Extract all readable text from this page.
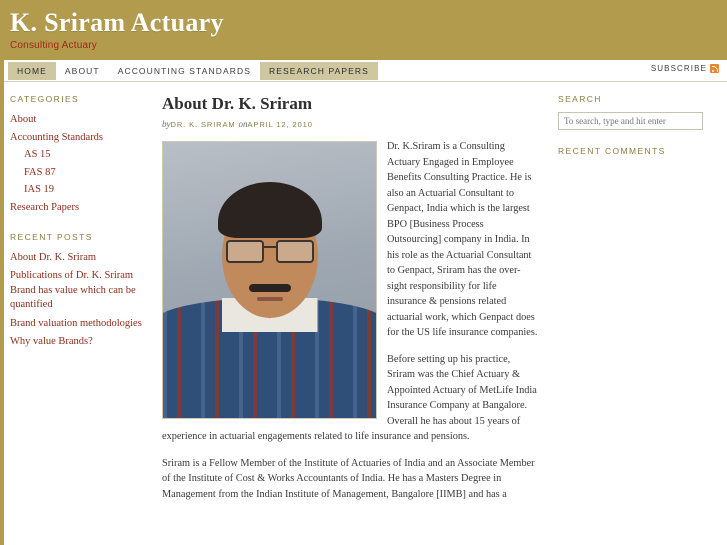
K. Sriram Actuary
Consulting Actuary
HOME	ABOUT	ACCOUNTING STANDARDS	RESEARCH PAPERS	SUBSCRIBE
CATEGORIES
About
Accounting Standards
AS 15
FAS 87
IAS 19
Research Papers
RECENT POSTS
About Dr. K. Sriram
Publications of Dr. K. Sriram
Brand has value which can be quantified
Brand valuation methodologies
Why value Brands?
About Dr. K. Sriram
byDR. K. SRIRAM onAPRIL 12, 2010

Dr. K.Sriram is a Consulting Actuary Engaged in Employee Benefits Consulting Practice. He is also an Actuarial Consultant to Genpact, India which is the largest BPO [Business Process Outsourcing] company in India. In his role as the Actuarial Consultant to Genpact, Sriram has the over-sight responsibility for life insurance & pensions related actuarial work, which Genpact does for the US life insurance companies.

Before setting up his practice, Sriram was the Chief Actuary & Appointed Actuary of MetLife India Insurance Company at Bangalore. Overall he has about 15 years of experience in actuarial engagements related to life insurance and pensions.

Sriram is a Fellow Member of the Institute of Actuaries of India and an Associate Member of the Institute of Cost & Works Accountants of India. He has a Masters Degree in Management from the Indian Institute of Management, Bangalore [IIMB] and has a

SEARCH
To search, type and hit enter
RECENT COMMENTS
